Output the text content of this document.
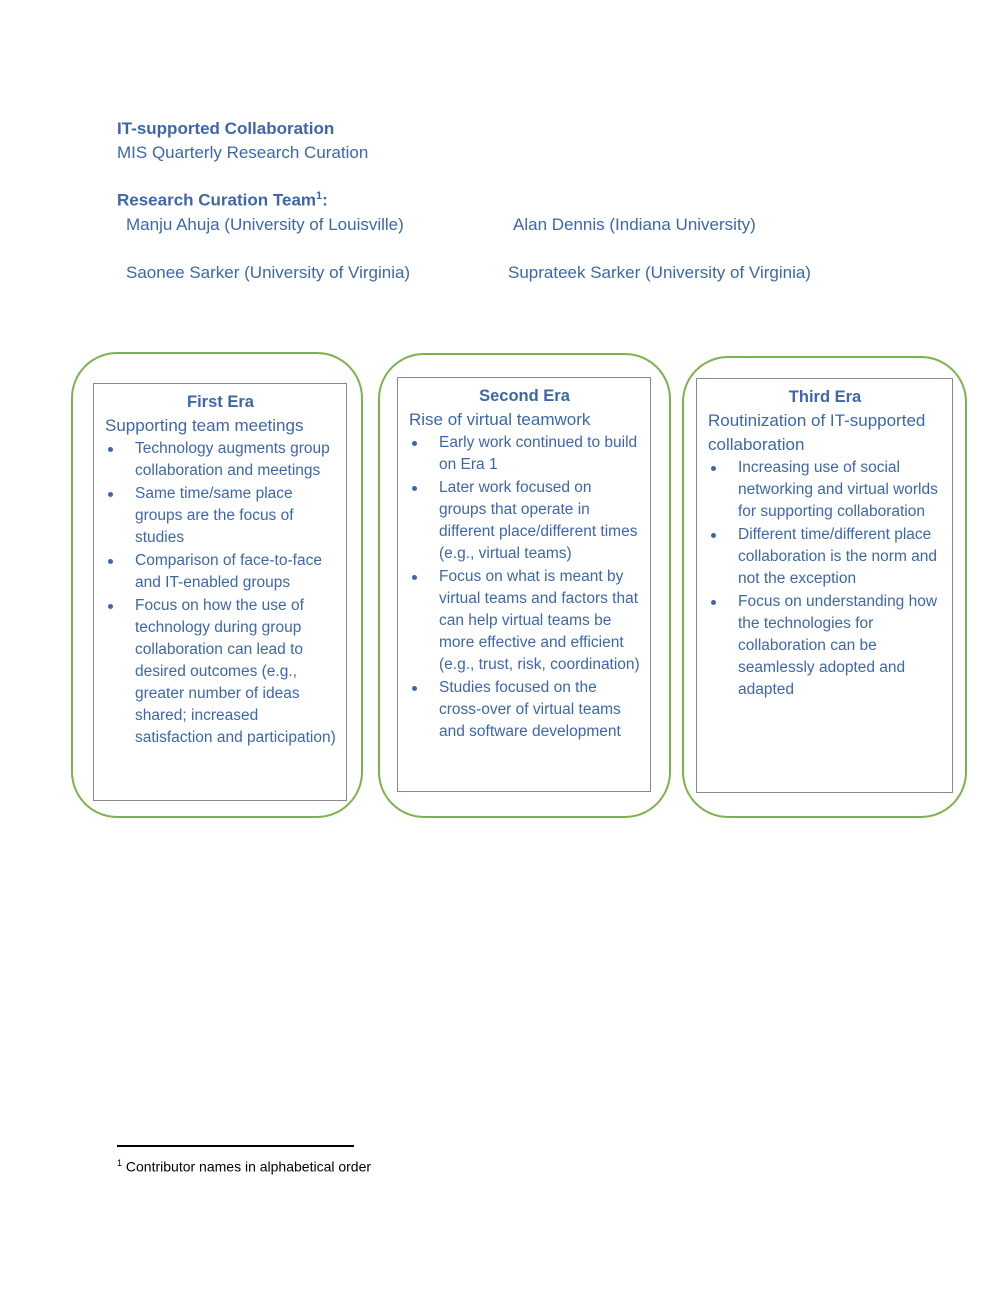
IT-supported Collaboration
MIS Quarterly Research Curation
Research Curation Team$^1$:
Manju Ahuja (University of Louisville)	Alan Dennis (Indiana University)
Saonee Sarker (University of Virginia)	Suprateek Sarker (University of Virginia)

First Era

Supporting team meetings

Technology augments group collaboration and meetings
Same time/same place groups are the focus of studies
Comparison of face-to-face and IT-enabled groups
Focus on how the use of technology during group collaboration can lead to desired outcomes (e.g., greater number of ideas shared; increased satisfaction and participation)

Second Era

Rise of virtual teamwork

Early work continued to build on Era 1
Later work focused on groups that operate in different place/different times (e.g., virtual teams)
Focus on what is meant by virtual teams and factors that can help virtual teams be more effective and efficient (e.g., trust, risk, coordination)
Studies focused on the cross-over of virtual teams and software development

Third Era

Routinization of IT-supported collaboration

Increasing use of social networking and virtual worlds for supporting collaboration
Different time/different place collaboration is the norm and not the exception
Focus on understanding how the technologies for collaboration can be seamlessly adopted and adapted
$^1$ Contributor names in alphabetical order
